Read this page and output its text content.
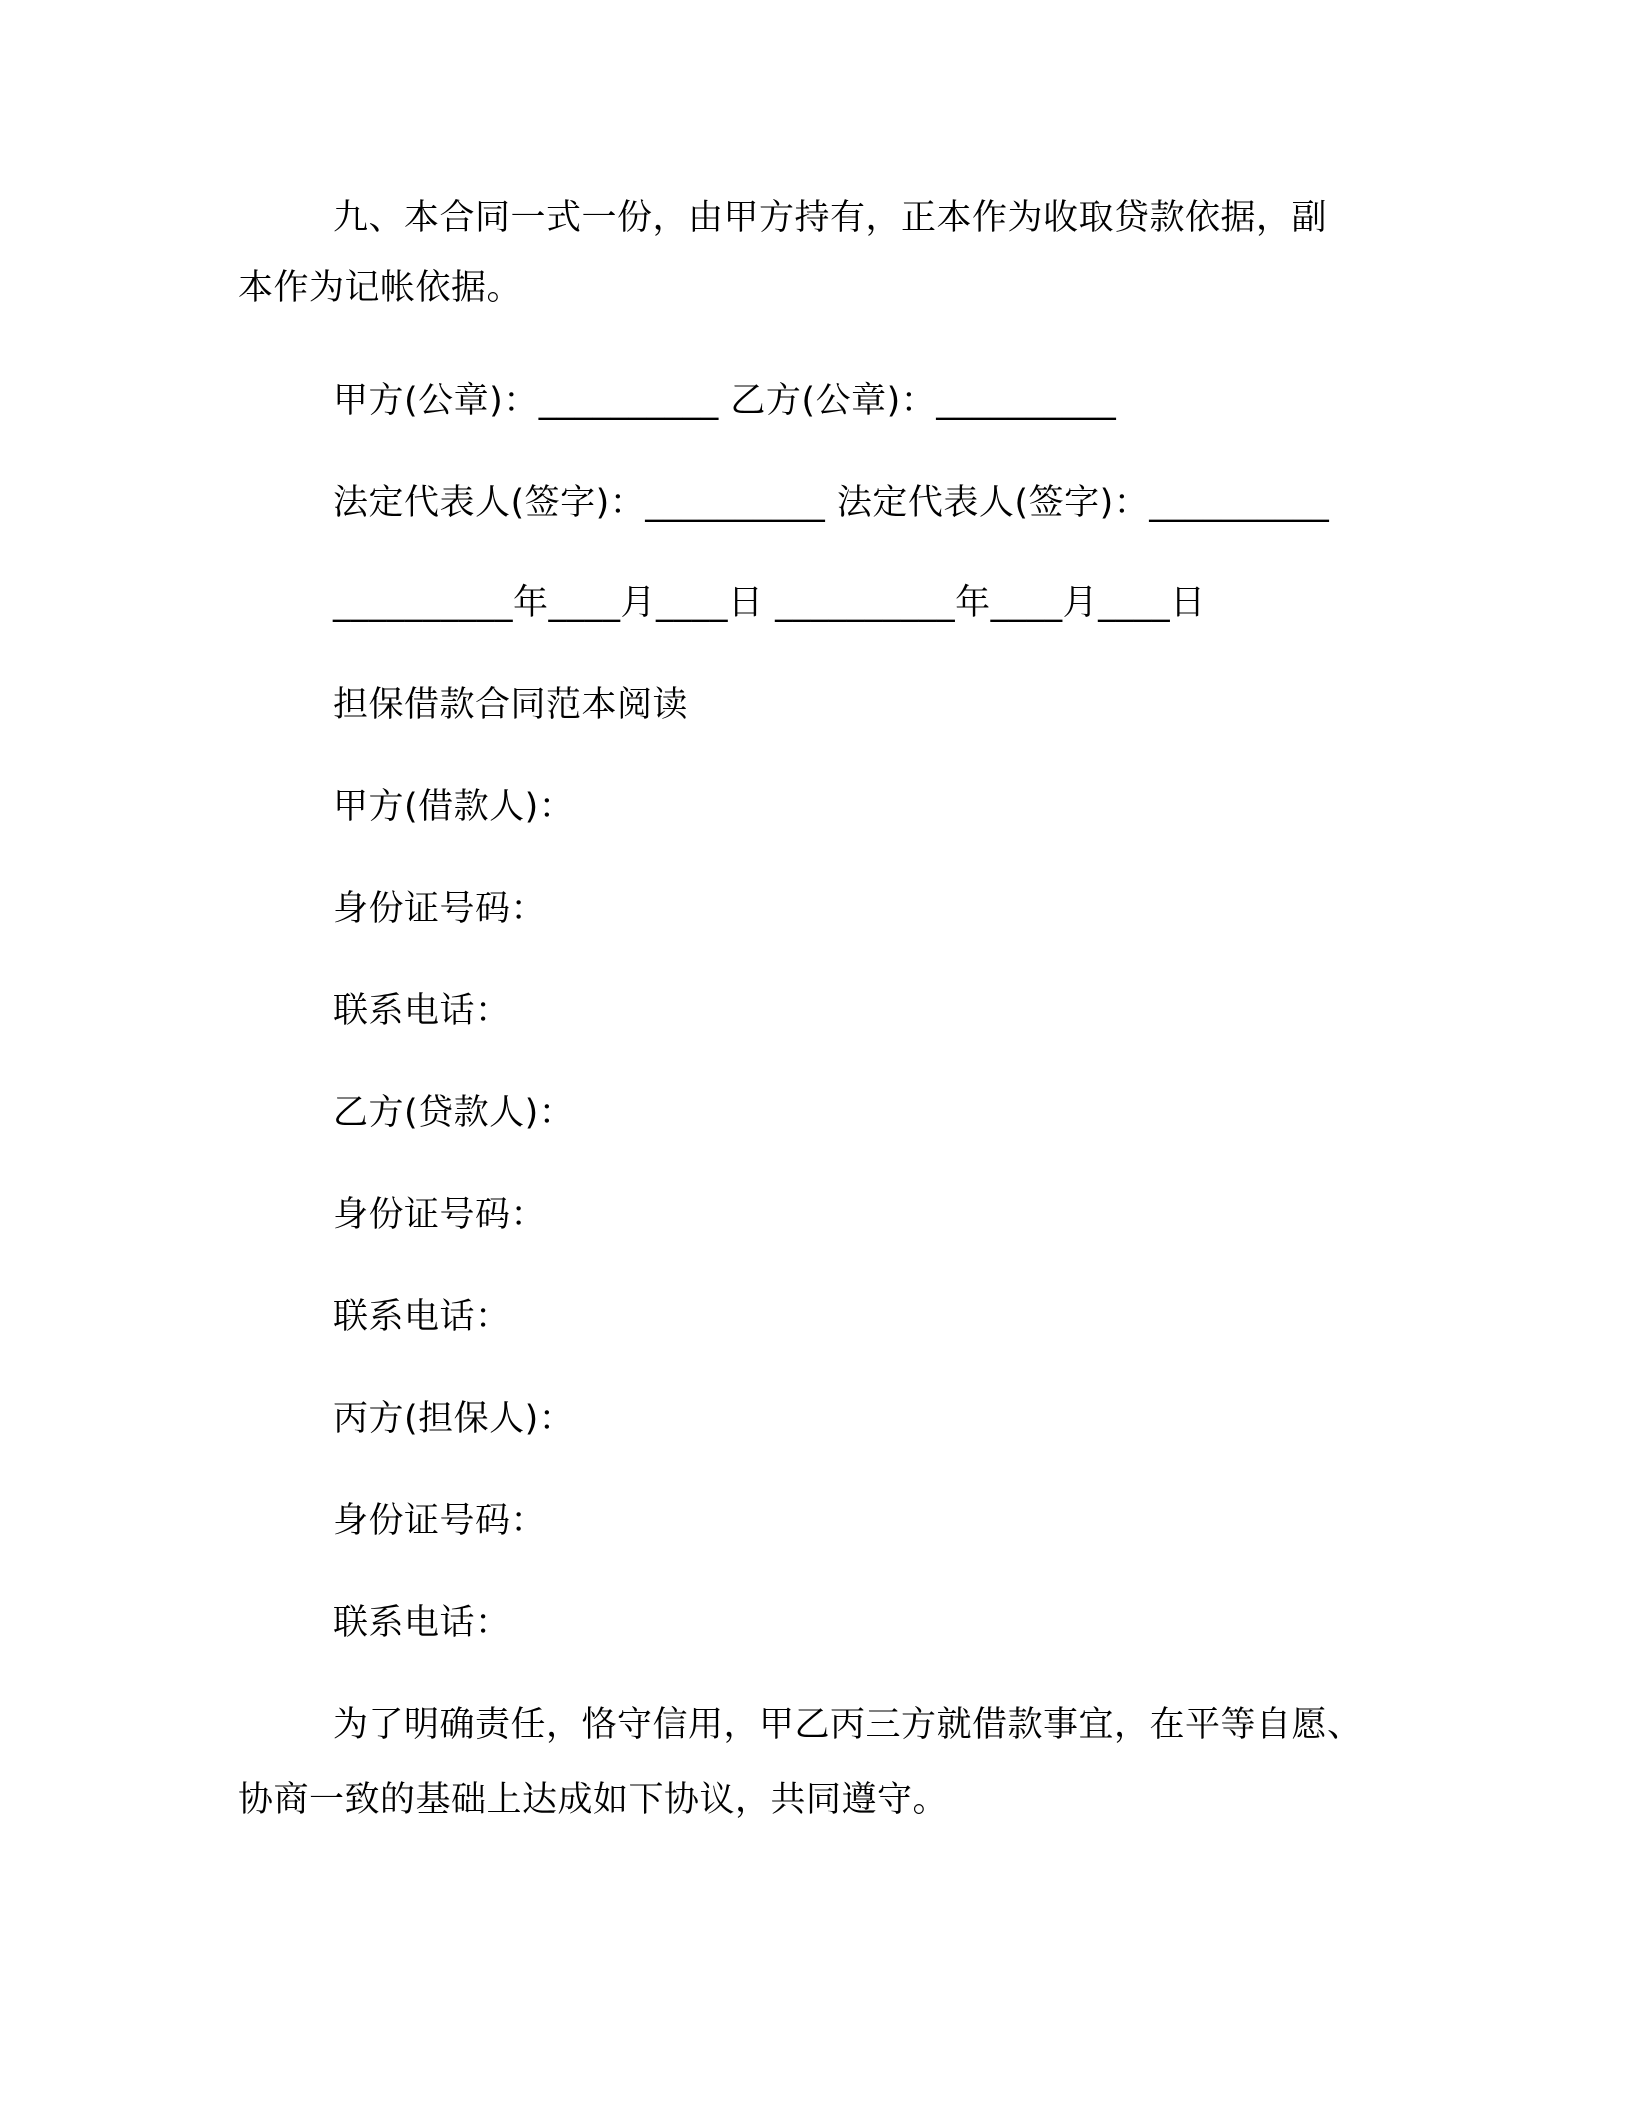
九、本合同一式一份，由甲方持有，正本作为收取贷款依据，副
本作为记帐依据。
甲方(公章)：__________ 乙方(公章)：__________
法定代表人(签字)：__________ 法定代表人(签字)：__________
__________年____月____日 __________年____月____日
担保借款合同范本阅读
甲方(借款人)：
身份证号码：
联系电话：
乙方(贷款人)：
身份证号码：
联系电话：
丙方(担保人)：
身份证号码：
联系电话：
为了明确责任，恪守信用，甲乙丙三方就借款事宜，在平等自愿、
协商一致的基础上达成如下协议，共同遵守。
